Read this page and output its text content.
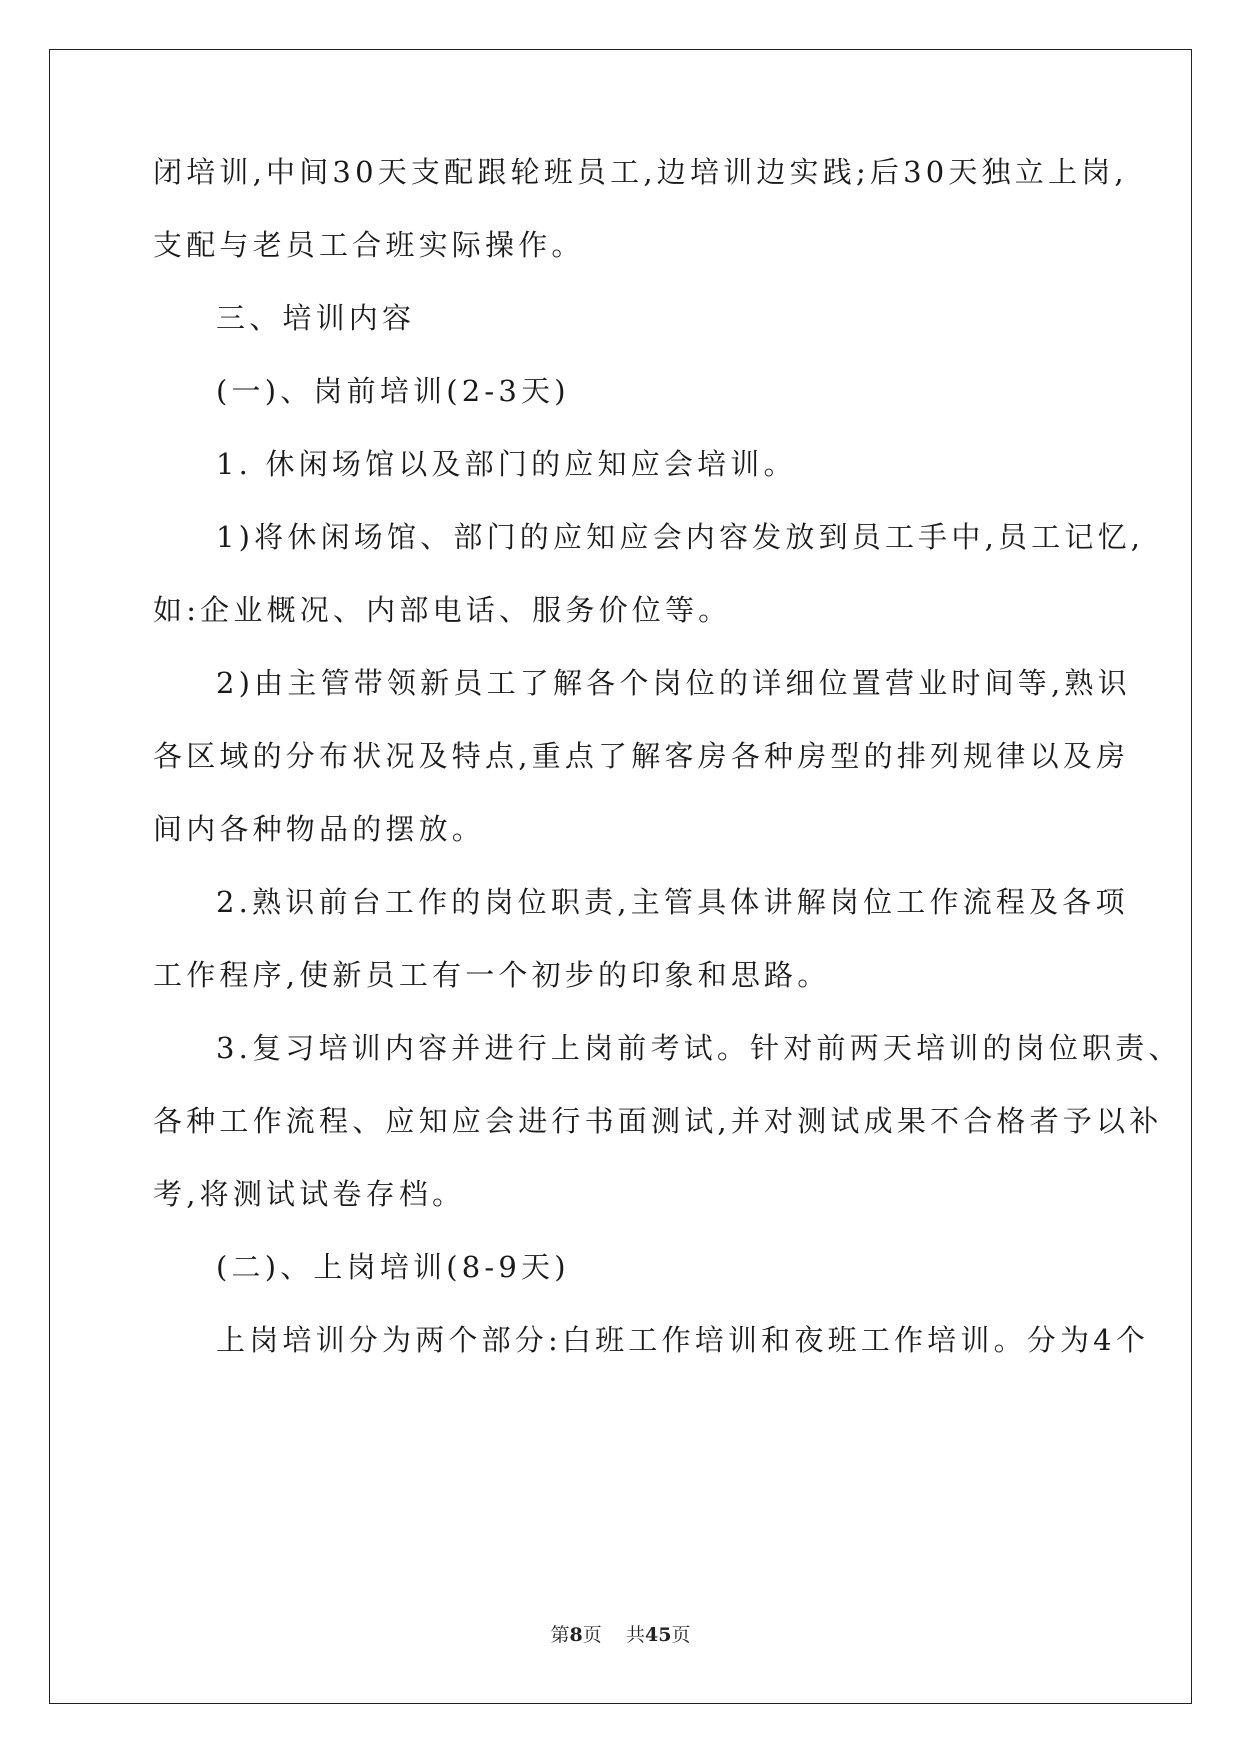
闭培训,中间30天支配跟轮班员工,边培训边实践;后30天独立上岗,
支配与老员工合班实际操作。
三、培训内容
(一)、岗前培训(2-3天)
1. 休闲场馆以及部门的应知应会培训。
1)将休闲场馆、部门的应知应会内容发放到员工手中,员工记忆,
如:企业概况、内部电话、服务价位等。
2)由主管带领新员工了解各个岗位的详细位置营业时间等,熟识
各区域的分布状况及特点,重点了解客房各种房型的排列规律以及房
间内各种物品的摆放。
2.熟识前台工作的岗位职责,主管具体讲解岗位工作流程及各项
工作程序,使新员工有一个初步的印象和思路。
3.复习培训内容并进行上岗前考试。针对前两天培训的岗位职责、
各种工作流程、应知应会进行书面测试,并对测试成果不合格者予以补
考,将测试试卷存档。
(二)、上岗培训(8-9天)
上岗培训分为两个部分:白班工作培训和夜班工作培训。分为4个
第8页 共45页
